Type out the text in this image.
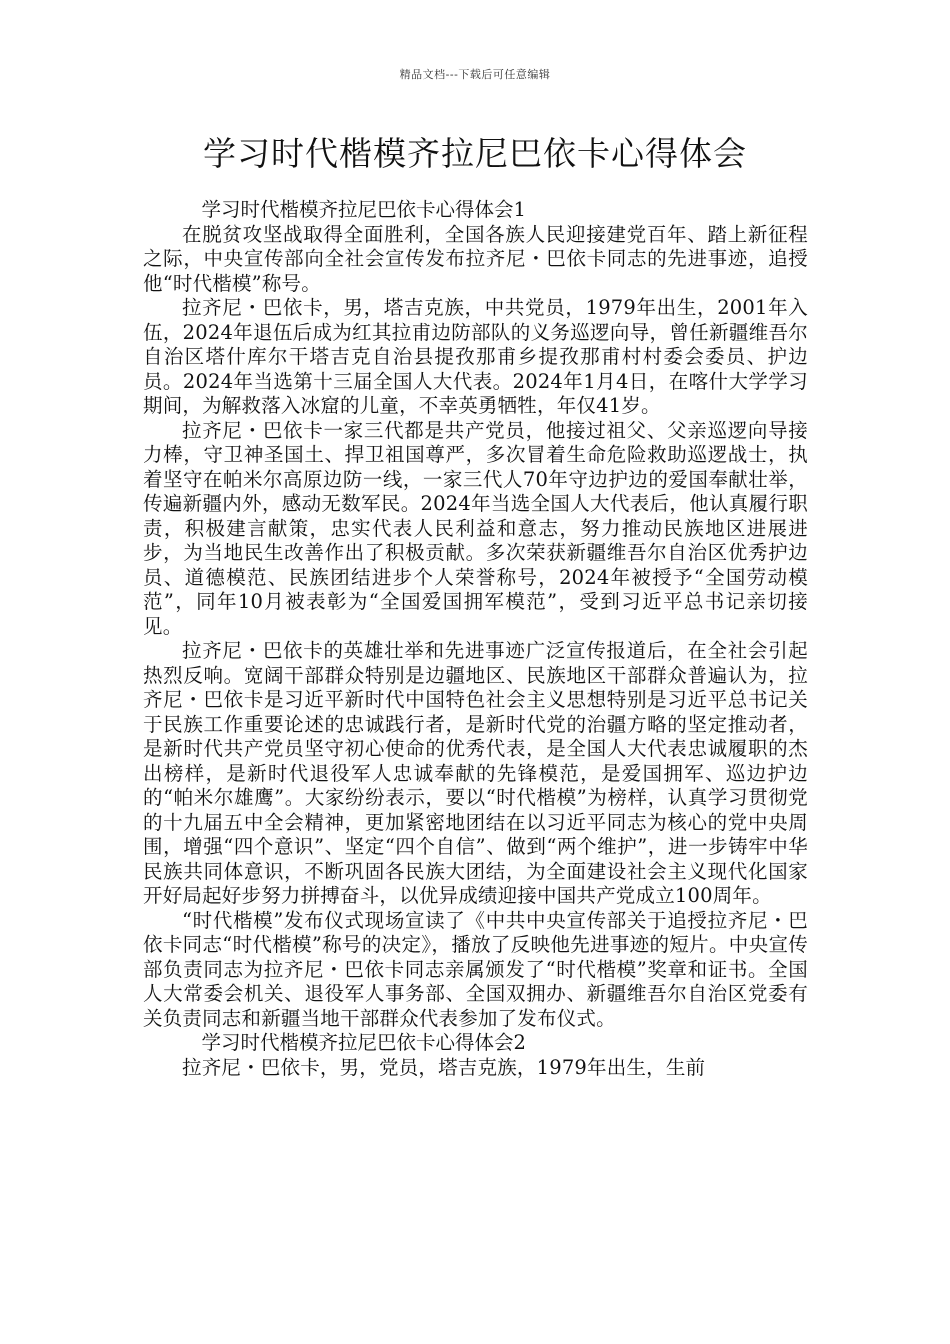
精品文档---下载后可任意编辑
学习时代楷模齐拉尼巴依卡心得体会

学习时代楷模齐拉尼巴依卡心得体会1

在脱贫攻坚战取得全面胜利，全国各族人民迎接建党百年、踏上新征程之际，中央宣传部向全社会宣传发布拉齐尼・巴依卡同志的先进事迹，追授他“时代楷模”称号。

拉齐尼・巴依卡，男，塔吉克族，中共党员，1979年出生，2001年入伍，2024年退伍后成为红其拉甫边防部队的义务巡逻向导，曾任新疆维吾尔自治区塔什库尔干塔吉克自治县提孜那甫乡提孜那甫村村委会委员、护边员。2024年当选第十三届全国人大代表。2024年1月4日，在喀什大学学习期间，为解救落入冰窟的儿童，不幸英勇牺牲，年仅41岁。

拉齐尼・巴依卡一家三代都是共产党员，他接过祖父、父亲巡逻向导接力棒，守卫神圣国土、捍卫祖国尊严，多次冒着生命危险救助巡逻战士，执着坚守在帕米尔高原边防一线，一家三代人70年守边护边的爱国奉献壮举，传遍新疆内外，感动无数军民。2024年当选全国人大代表后，他认真履行职责，积极建言献策，忠实代表人民利益和意志，努力推动民族地区进展进步，为当地民生改善作出了积极贡献。多次荣获新疆维吾尔自治区优秀护边员、道德模范、民族团结进步个人荣誉称号，2024年被授予“全国劳动模范”，同年10月被表彰为“全国爱国拥军模范”，受到习近平总书记亲切接见。

拉齐尼・巴依卡的英雄壮举和先进事迹广泛宣传报道后，在全社会引起热烈反响。宽阔干部群众特别是边疆地区、民族地区干部群众普遍认为，拉齐尼・巴依卡是习近平新时代中国特色社会主义思想特别是习近平总书记关于民族工作重要论述的忠诚践行者，是新时代党的治疆方略的坚定推动者，是新时代共产党员坚守初心使命的优秀代表，是全国人大代表忠诚履职的杰出榜样，是新时代退役军人忠诚奉献的先锋模范，是爱国拥军、巡边护边的“帕米尔雄鹰”。大家纷纷表示，要以“时代楷模”为榜样，认真学习贯彻党的十九届五中全会精神，更加紧密地团结在以习近平同志为核心的党中央周围，增强“四个意识”、坚定“四个自信”、做到“两个维护”，进一步铸牢中华民族共同体意识，不断巩固各民族大团结，为全面建设社会主义现代化国家开好局起好步努力拼搏奋斗，以优异成绩迎接中国共产党成立100周年。

“时代楷模”发布仪式现场宣读了《中共中央宣传部关于追授拉齐尼・巴依卡同志“时代楷模”称号的决定》，播放了反映他先进事迹的短片。中央宣传部负责同志为拉齐尼・巴依卡同志亲属颁发了“时代楷模”奖章和证书。全国人大常委会机关、退役军人事务部、全国双拥办、新疆维吾尔自治区党委有关负责同志和新疆当地干部群众代表参加了发布仪式。

学习时代楷模齐拉尼巴依卡心得体会2

拉齐尼・巴依卡，男，党员，塔吉克族，1979年出生，生前
